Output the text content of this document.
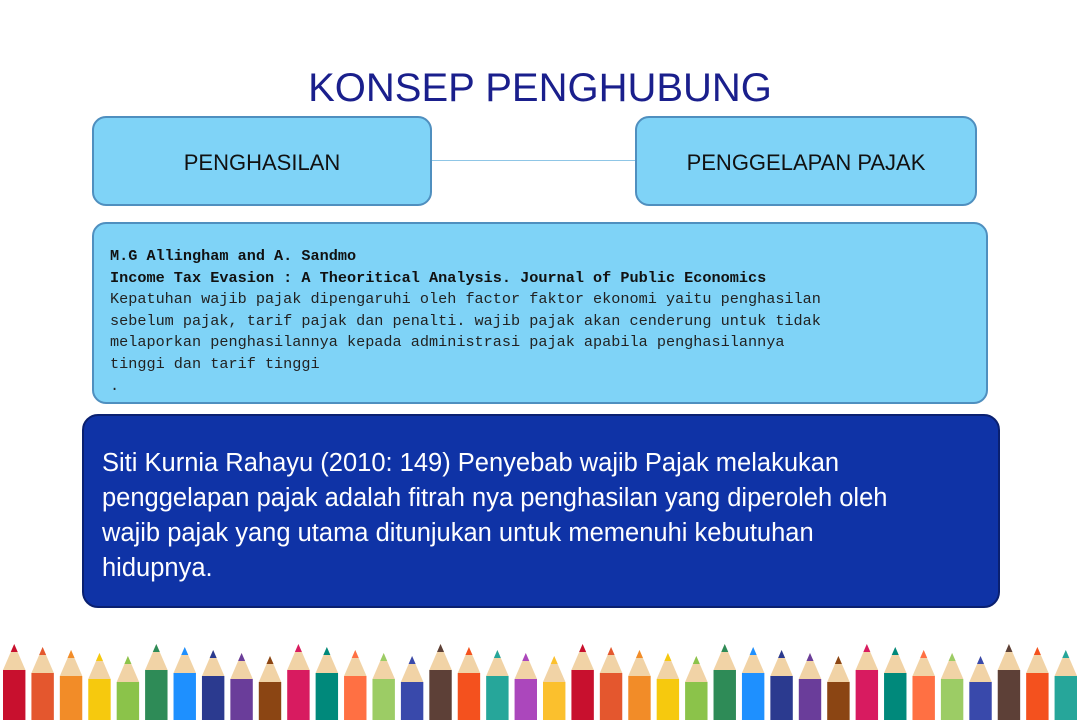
KONSEP PENGHUBUNG
PENGHASILAN	PENGGELAPAN PAJAK
M.G Allingham and A. Sandmo
Income Tax Evasion : A Theoritical Analysis. Journal of Public Economics
Kepatuhan wajib pajak dipengaruhi oleh factor faktor ekonomi yaitu penghasilan
sebelum pajak, tarif pajak dan penalti. wajib pajak akan cenderung untuk tidak
melaporkan penghasilannya kepada administrasi pajak apabila penghasilannya
tinggi dan tarif tinggi
.
Siti Kurnia Rahayu (2010: 149) Penyebab wajib Pajak melakukan
penggelapan pajak adalah fitrah nya penghasilan yang diperoleh oleh
wajib pajak yang utama ditunjukan untuk memenuhi kebutuhan
hidupnya.
